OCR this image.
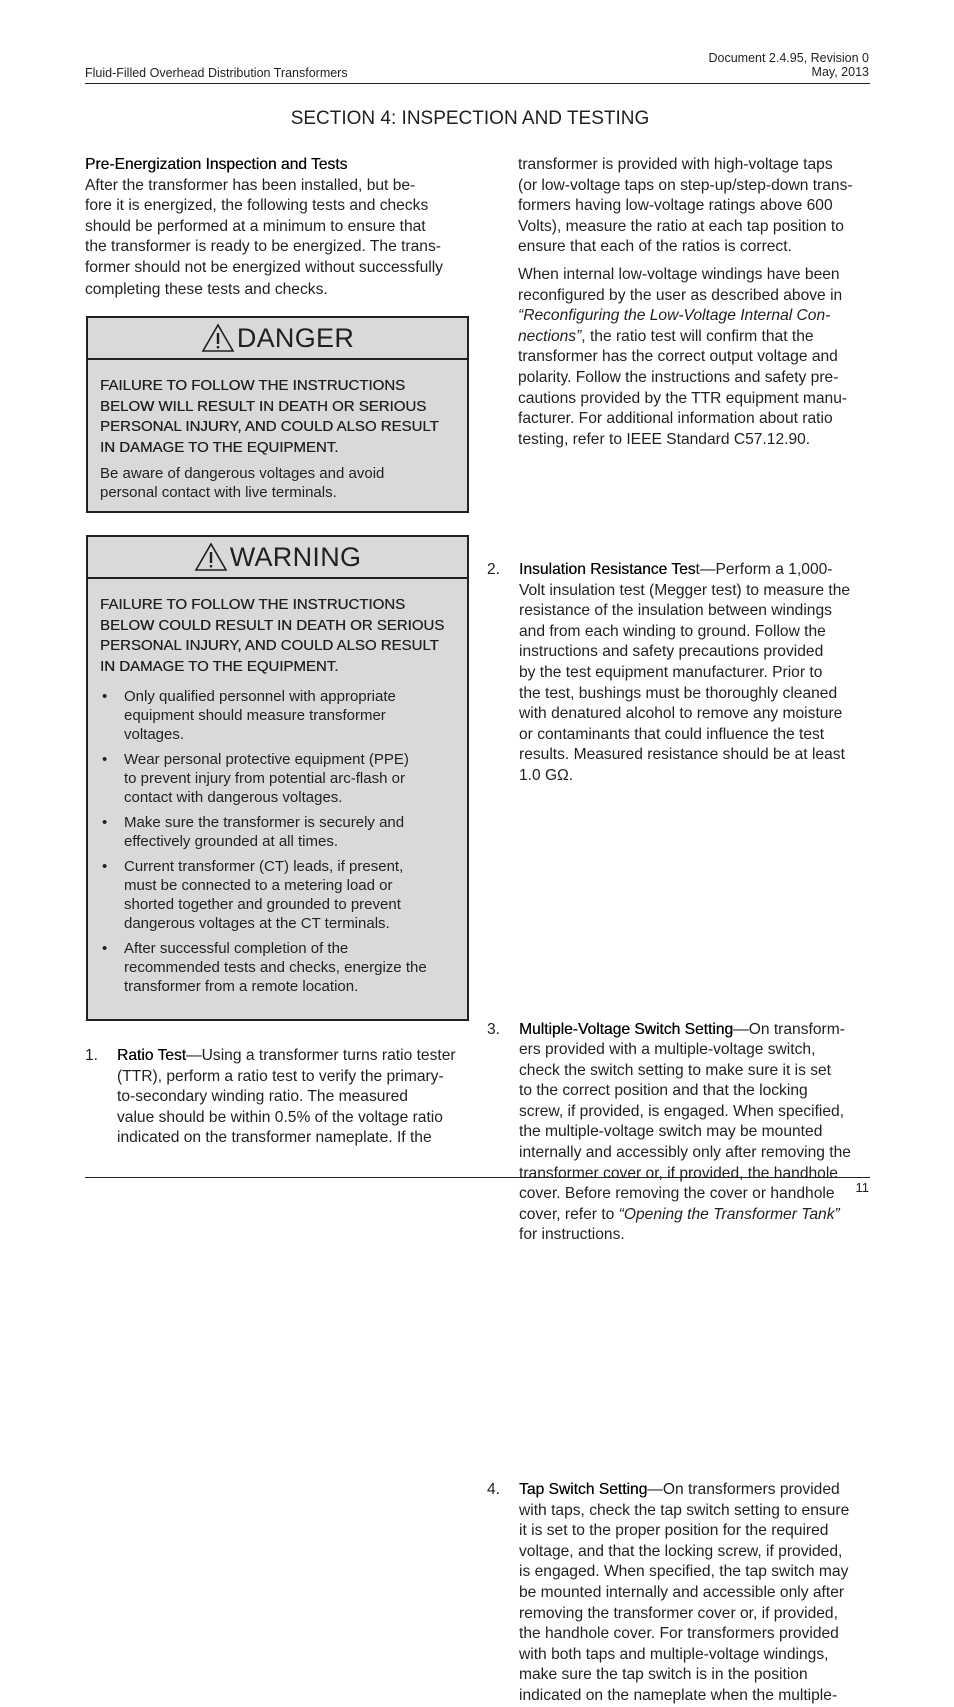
Fluid-Filled Overhead Distribution Transformers
Document 2.4.95, Revision 0
May, 2013
SECTION 4: INSPECTION AND TESTING

Pre-Energization Inspection and Tests

After the transformer has been installed, but be-

fore it is energized, the following tests and checks

should be performed at a minimum to ensure that

the transformer is ready to be energized. The trans-

former should not be energized without successfully

completing these tests and checks.

DANGER

FAILURE TO FOLLOW THE INSTRUCTIONS

BELOW WILL RESULT IN DEATH OR SERIOUS

PERSONAL INJURY, AND COULD ALSO RESULT

IN DAMAGE TO THE EQUIPMENT.

Be aware of dangerous voltages and avoid

personal contact with live terminals.

WARNING

FAILURE TO FOLLOW THE INSTRUCTIONS

BELOW COULD RESULT IN DEATH OR SERIOUS

PERSONAL INJURY, AND COULD ALSO RESULT

IN DAMAGE TO THE EQUIPMENT.

• Only qualified personnel with appropriate
equipment should measure transformer
voltages.
• Wear personal protective equipment (PPE)
to prevent injury from potential arc-flash or
contact with dangerous voltages.
• Make sure the transformer is securely and
effectively grounded at all times.
• Current transformer (CT) leads, if present,
must be connected to a metering load or
shorted together and grounded to prevent
dangerous voltages at the CT terminals.
• After successful completion of the
recommended tests and checks, energize the
transformer from a remote location.
1. Ratio Test—Using a transformer turns ratio tester

(TTR), perform a ratio test to verify the primary-

to-secondary winding ratio. The measured

value should be within 0.5% of the voltage ratio

indicated on the transformer nameplate. If the

transformer is provided with high-voltage taps

(or low-voltage taps on step-up/step-down trans-

formers having low-voltage ratings above 600

Volts), measure the ratio at each tap position to

ensure that each of the ratios is correct.

When internal low-voltage windings have been

reconfigured by the user as described above in

“Reconfiguring the Low-Voltage Internal Con-

nections”, the ratio test will confirm that the

transformer has the correct output voltage and

polarity. Follow the instructions and safety pre-

cautions provided by the TTR equipment manu-

facturer. For additional information about ratio

testing, refer to IEEE Standard C57.12.90.

2. Insulation Resistance Test—Perform a 1,000-

Volt insulation test (Megger test) to measure the

resistance of the insulation between windings

and from each winding to ground. Follow the

instructions and safety precautions provided

by the test equipment manufacturer. Prior to

the test, bushings must be thoroughly cleaned

with denatured alcohol to remove any moisture

or contaminants that could influence the test

results. Measured resistance should be at least

1.0 GΩ.

3. Multiple-Voltage Switch Setting—On transform-

ers provided with a multiple-voltage switch,

check the switch setting to make sure it is set

to the correct position and that the locking

screw, if provided, is engaged. When specified,

the multiple-voltage switch may be mounted

internally and accessibly only after removing the

transformer cover or, if provided, the handhole

cover. Before removing the cover or handhole

cover, refer to “Opening the Transformer Tank”

for instructions.

4. Tap Switch Setting—On transformers provided

with taps, check the tap switch setting to ensure

it is set to the proper position for the required

voltage, and that the locking screw, if provided,

is engaged. When specified, the tap switch may

be mounted internally and accessible only after

removing the transformer cover or, if provided,

the handhole cover. For transformers provided

with both taps and multiple-voltage windings,

make sure the tap switch is in the position

indicated on the nameplate when the multiple-

11
